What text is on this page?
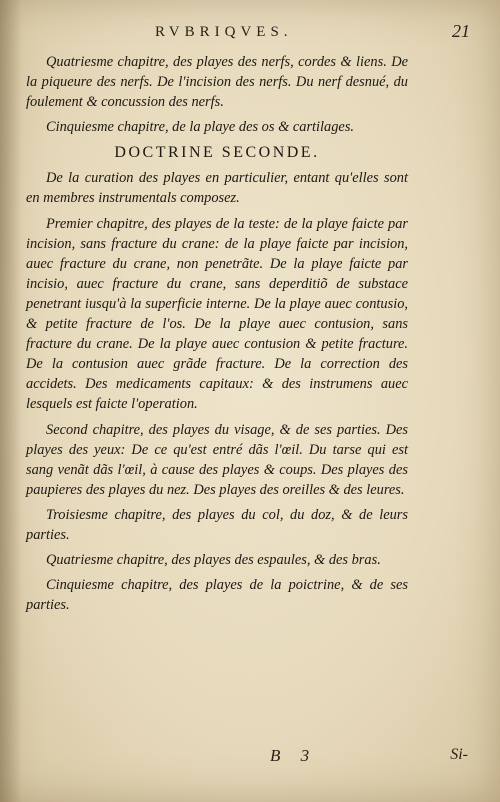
RVBRIQVES.	21

Quatriesme chapitre, des playes des nerfs, cordes & liens. De la piqueure des nerfs. De l'incision des nerfs. Du nerf desnué, du foulement & concussion des nerfs.

Cinquiesme chapitre, de la playe des os & cartilages.

DOCTRINE SECONDE.

De la curation des playes en particulier, entant qu'elles sont en membres instrumentals composez.

Premier chapitre, des playes de la teste: de la playe faicte par incision, sans fracture du crane: de la playe faicte par incision, auec fracture du crane, non penetrãte. De la playe faicte par incisio, auec fracture du crane, sans deperditiõ de substace penetrant iusqu'à la superficie interne. De la playe auec contusio, & petite fracture de l'os. De la playe auec contusion, sans fracture du crane. De la playe auec contusion & petite fracture. De la contusion auec grãde fracture. De la correction des accidets. Des medicaments capitaux: & des instrumens auec lesquels est faicte l'operation.

Second chapitre, des playes du visage, & de ses parties. Des playes des yeux: De ce qu'est entré dãs l'œil. Du tarse qui est sang venãt dãs l'œil, à cause des playes & coups. Des playes des paupieres des playes du nez. Des playes des oreilles & des leures.

Troisiesme chapitre, des playes du col, du doz, & de leurs parties.

Quatriesme chapitre, des playes des espaules, & des bras.

Cinquiesme chapitre, des playes de la poictrine, & de ses parties.

B 3	Si-
